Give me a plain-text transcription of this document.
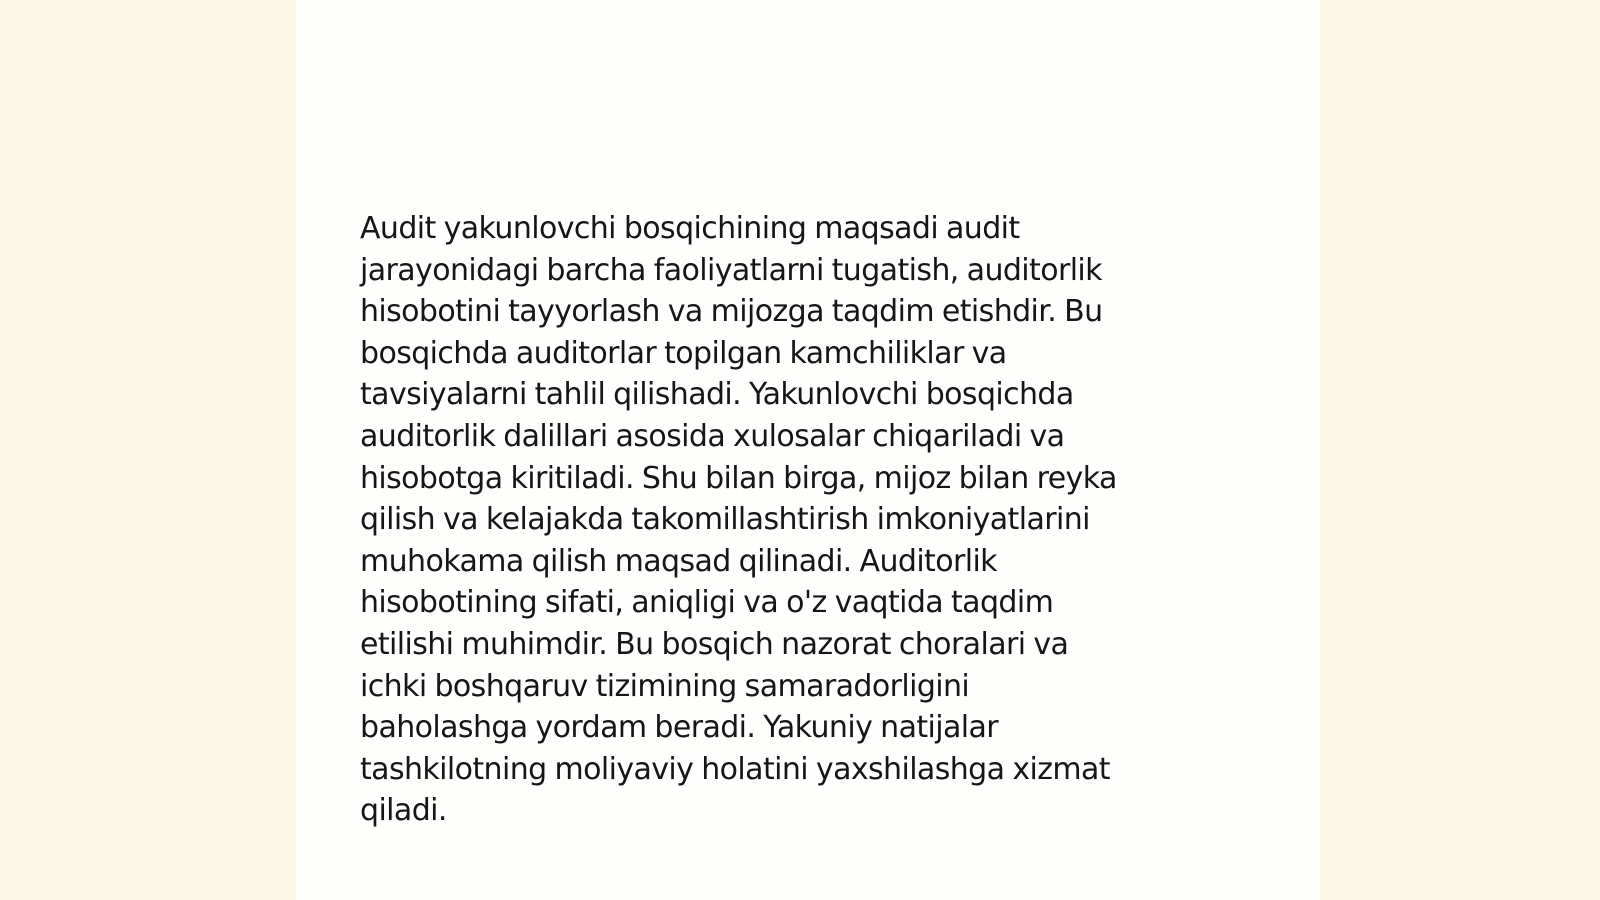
Audit yakunlovchi bosqichining maqsadi audit
jarayonidagi barcha faoliyatlarni tugatish, auditorlik
hisobotini tayyorlash va mijozga taqdim etishdir. Bu
bosqichda auditorlar topilgan kamchiliklar va
tavsiyalarni tahlil qilishadi. Yakunlovchi bosqichda
auditorlik dalillari asosida xulosalar chiqariladi va
hisobotga kiritiladi. Shu bilan birga, mijoz bilan reyka
qilish va kelajakda takomillashtirish imkoniyatlarini
muhokama qilish maqsad qilinadi. Auditorlik
hisobotining sifati, aniqligi va o'z vaqtida taqdim
etilishi muhimdir. Bu bosqich nazorat choralari va
ichki boshqaruv tizimining samaradorligini
baholashga yordam beradi. Yakuniy natijalar
tashkilotning moliyaviy holatini yaxshilashga xizmat
qiladi.
